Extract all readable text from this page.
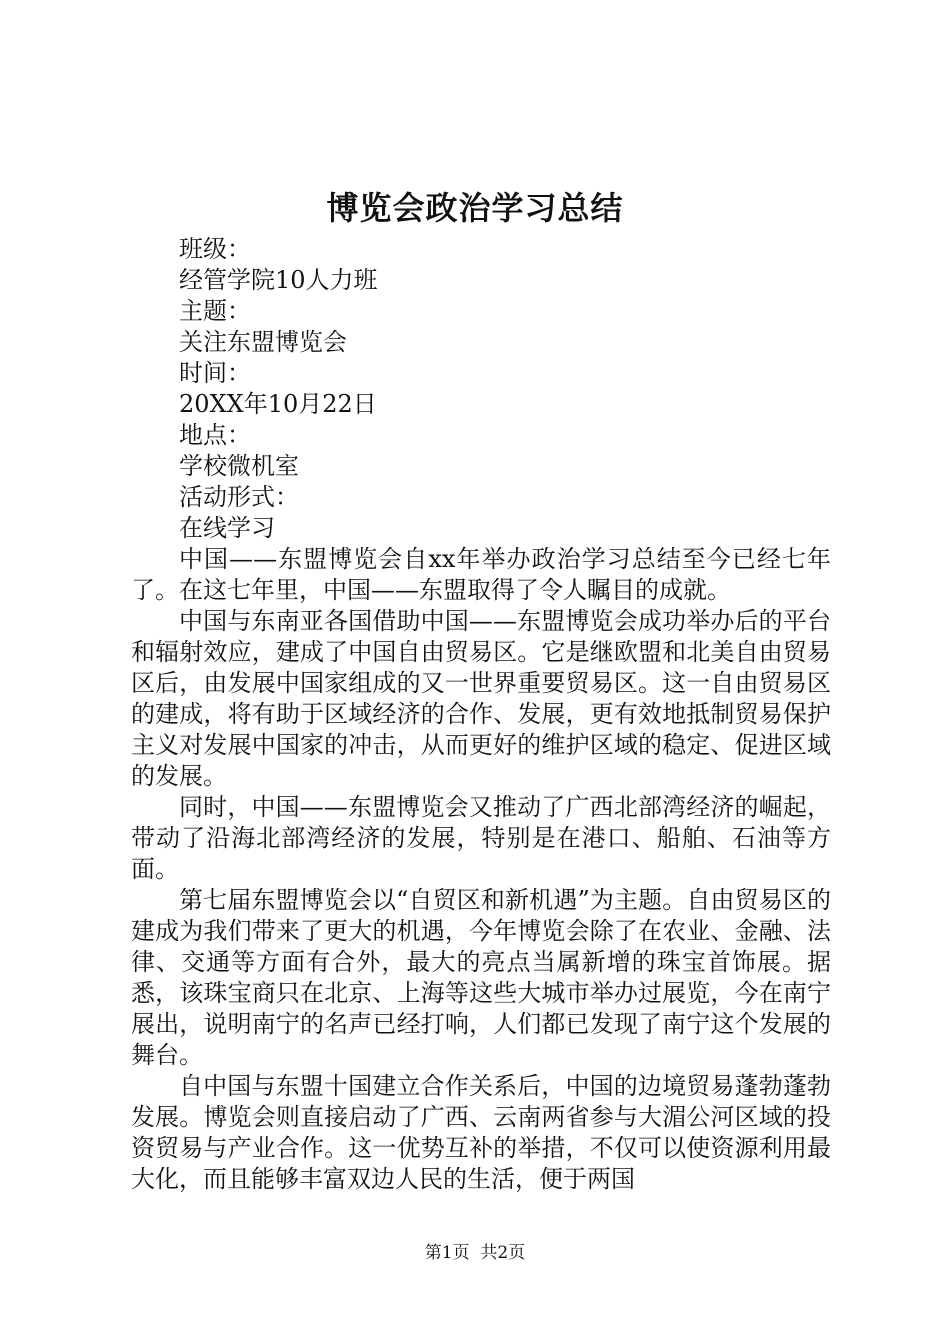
博览会政治学习总结
班级：
经管学院10人力班
主题：
关注东盟博览会
时间：
20XX年10月22日
地点：
学校微机室
活动形式：
在线学习

中国——东盟博览会自xx年举办政治学习总结至今已经七年了。在这七年里，中国——东盟取得了令人瞩目的成就。

中国与东南亚各国借助中国——东盟博览会成功举办后的平台和辐射效应，建成了中国自由贸易区。它是继欧盟和北美自由贸易区后，由发展中国家组成的又一世界重要贸易区。这一自由贸易区的建成，将有助于区域经济的合作、发展，更有效地抵制贸易保护主义对发展中国家的冲击，从而更好的维护区域的稳定、促进区域的发展。

同时，中国——东盟博览会又推动了广西北部湾经济的崛起，带动了沿海北部湾经济的发展，特别是在港口、船舶、石油等方面。

第七届东盟博览会以“自贸区和新机遇”为主题。自由贸易区的建成为我们带来了更大的机遇，今年博览会除了在农业、金融、法律、交通等方面有合外，最大的亮点当属新增的珠宝首饰展。据悉，该珠宝商只在北京、上海等这些大城市举办过展览，今在南宁展出，说明南宁的名声已经打响，人们都已发现了南宁这个发展的舞台。

自中国与东盟十国建立合作关系后，中国的边境贸易蓬勃蓬勃发展。博览会则直接启动了广西、云南两省参与大湄公河区域的投资贸易与产业合作。这一优势互补的举措，不仅可以使资源利用最大化，而且能够丰富双边人民的生活，便于两国

第1页  共2页
